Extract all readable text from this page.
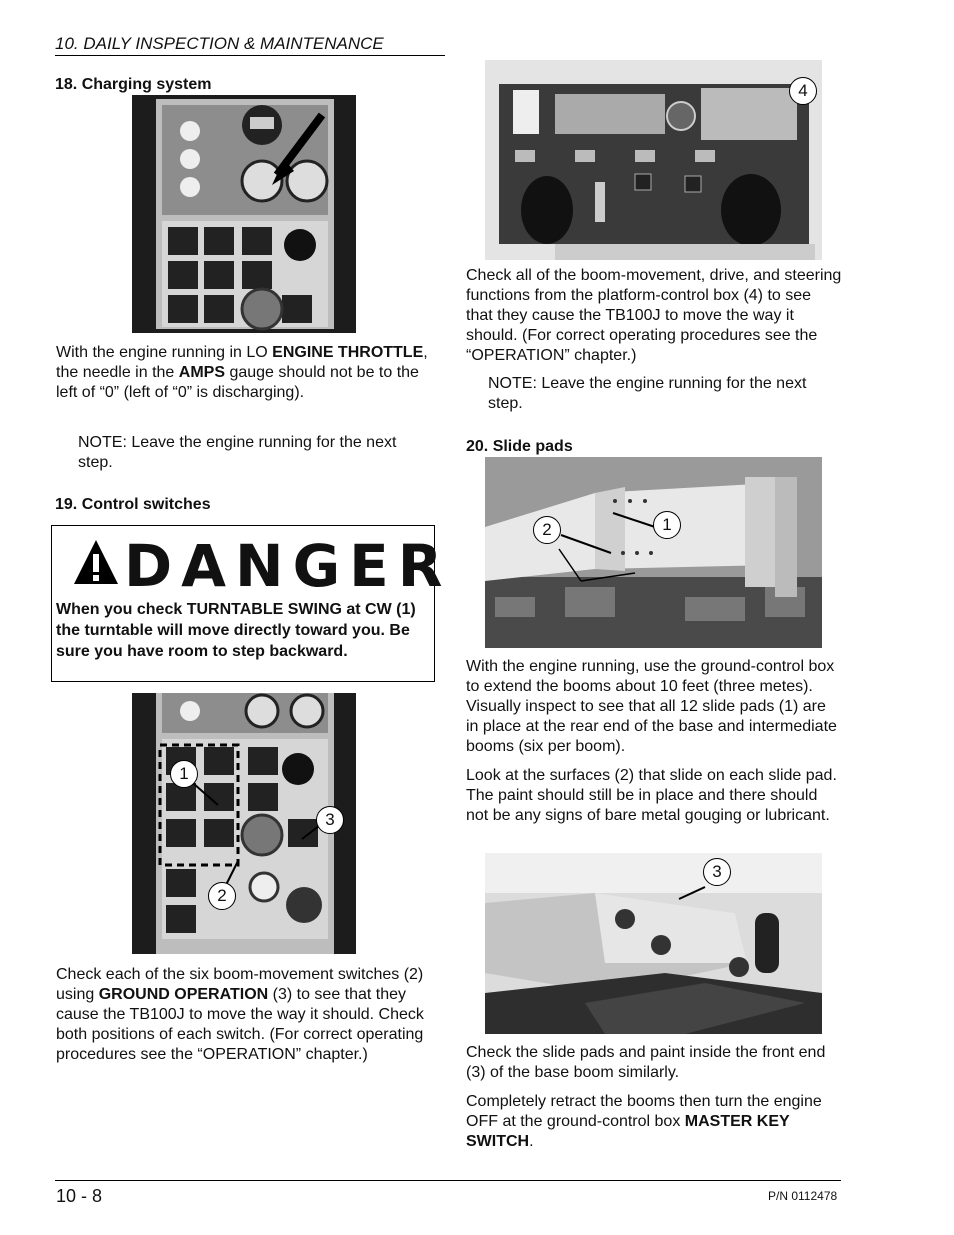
10. DAILY INSPECTION & MAINTENANCE
18. Charging system
With the engine running in LO ENGINE THROTTLE, the needle in the AMPS gauge should not be to the left of “0” (left of “0” is discharging).
NOTE: Leave the engine running for the next step.
19. Control switches
DANGER
When you check TURNTABLE SWING at CW (1) the turntable will move directly toward you. Be sure you have room to step backward.
1
2
3
Check each of the six boom-movement switches (2) using GROUND OPERATION (3) to see that they cause the TB100J to move the way it should. Check both positions of each switch. (For correct operating procedures see the “OPERATION” chapter.)
4
Check all of the boom-movement, drive, and steering functions from the platform-control box (4) to see that they cause the TB100J to move the way it should. (For correct operating procedures see the “OPERATION” chapter.)
NOTE: Leave the engine running for the next step.
20. Slide pads
2	1
With the engine running, use the ground-control box to extend the booms about 10 feet (three metes). Visually inspect to see that all 12 slide pads (1) are in place at the rear end of the base and intermediate booms (six per boom).
Look at the surfaces (2) that slide on each slide pad. The paint should still be in place and there should not be any signs of bare metal gouging or lubricant.
3
Check the slide pads and paint inside the front end (3) of the base boom similarly.
Completely retract the booms then turn the engine OFF at the ground-control box MASTER KEY SWITCH.
10 - 8	P/N 0112478
